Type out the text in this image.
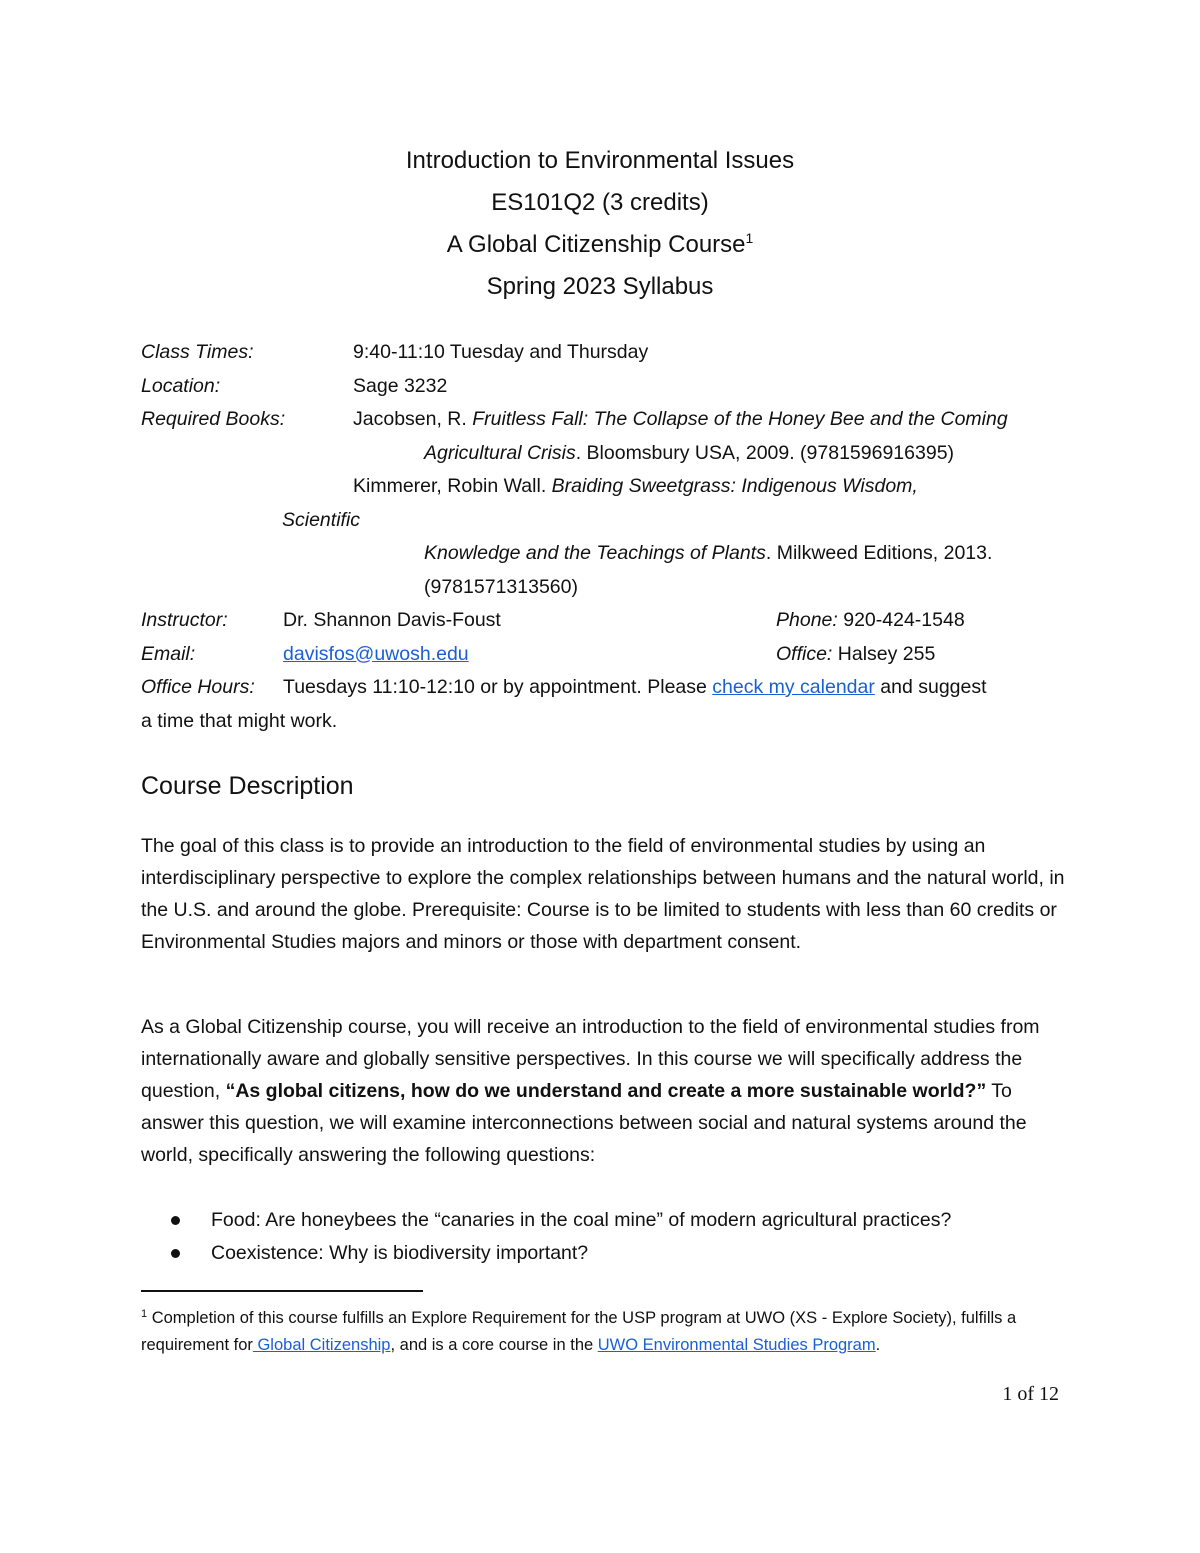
Introduction to Environmental Issues
ES101Q2 (3 credits)
A Global Citizenship Course$^1$
Spring 2023 Syllabus
Class Times:	9:40-11:10 Tuesday and Thursday
Location:	Sage 3232
Required Books:	Jacobsen, R. Fruitless Fall: The Collapse of the Honey Bee and the Coming
Agricultural Crisis. Bloomsbury USA, 2009. (9781596916395)
Kimmerer, Robin Wall. Braiding Sweetgrass: Indigenous Wisdom,
Scientific
Knowledge and the Teachings of Plants. Milkweed Editions, 2013.
(9781571313560)
Instructor:	Dr. Shannon Davis-Foust	Phone: 920-424-1548
Email:	davisfos@uwosh.edu	Office: Halsey 255
Office Hours: Tuesdays 11:10-12:10 or by appointment. Please check my calendar and suggest
a time that might work.
Course Description
The goal of this class is to provide an introduction to the field of environmental studies by using an interdisciplinary perspective to explore the complex relationships between humans and the natural world, in the U.S. and around the globe. Prerequisite: Course is to be limited to students with less than 60 credits or Environmental Studies majors and minors or those with department consent.
As a Global Citizenship course, you will receive an introduction to the field of environmental studies from internationally aware and globally sensitive perspectives. In this course we will specifically address the question, “As global citizens, how do we understand and create a more sustainable world?” To answer this question, we will examine interconnections between social and natural systems around the world, specifically answering the following questions:
Food: Are honeybees the “canaries in the coal mine” of modern agricultural practices?
Coexistence: Why is biodiversity important?
$^1$ Completion of this course fulfills an Explore Requirement for the USP program at UWO (XS - Explore Society), fulfills a requirement for Global Citizenship, and is a core course in the UWO Environmental Studies Program.
1 of 12
